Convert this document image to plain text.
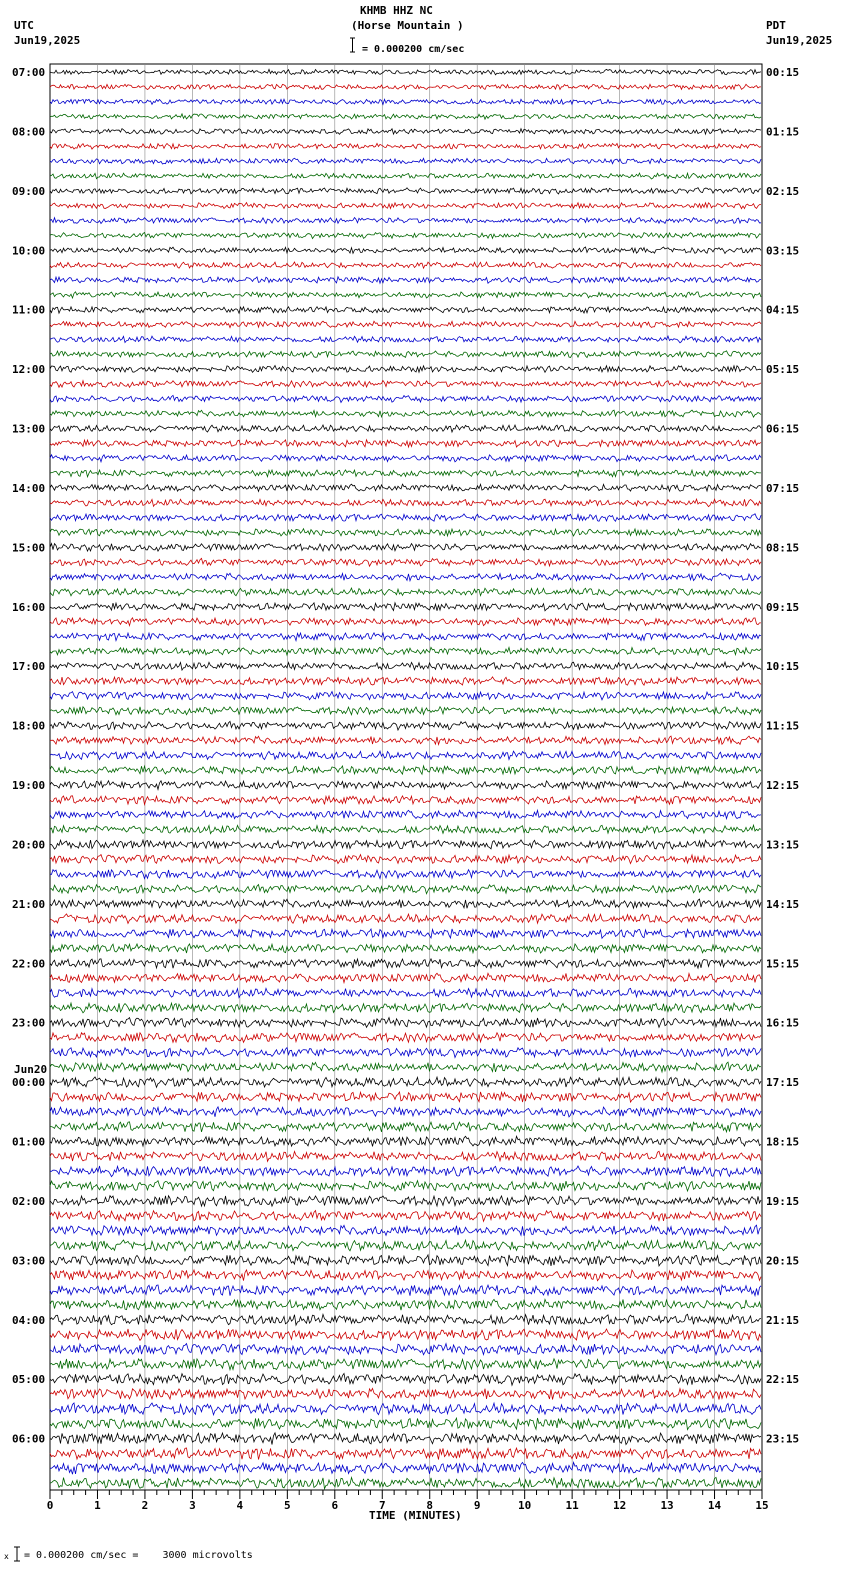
KHMB HHZ NC
(Horse Mountain )
= 0.000200 cm/sec
UTC
Jun19,2025
PDT
Jun19,2025
07:00
08:00
09:00
10:00
11:00
12:00
13:00
14:00
15:00
16:00
17:00
18:00
19:00
20:00
21:00
22:00
23:00
00:00
01:00
02:00
03:00
04:00
05:00
06:00
Jun20
00:15
01:15
02:15
03:15
04:15
05:15
06:15
07:15
08:15
09:15
10:15
11:15
12:15
13:15
14:15
15:15
16:15
17:15
18:15
19:15
20:15
21:15
22:15
23:15
0	1	2	3	4	5	6	7	8	9	10	11	12	13	14	15
TIME (MINUTES)
x = 0.000200 cm/sec =    3000 microvolts
